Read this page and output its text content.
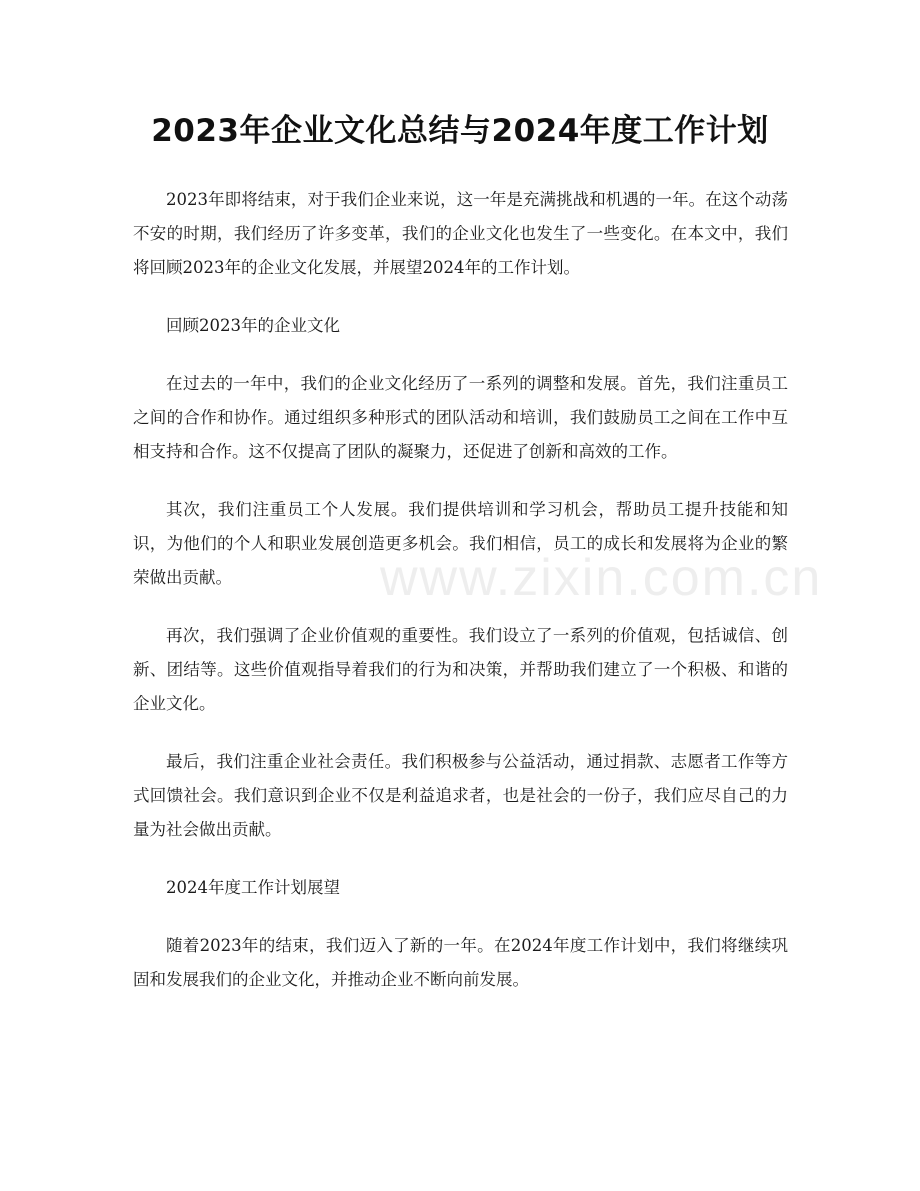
2023年企业文化总结与2024年度工作计划

2023年即将结束，对于我们企业来说，这一年是充满挑战和机遇的一年。在这个动荡不安的时期，我们经历了许多变革，我们的企业文化也发生了一些变化。在本文中，我们将回顾2023年的企业文化发展，并展望2024年的工作计划。

回顾2023年的企业文化

在过去的一年中，我们的企业文化经历了一系列的调整和发展。首先，我们注重员工之间的合作和协作。通过组织多种形式的团队活动和培训，我们鼓励员工之间在工作中互相支持和合作。这不仅提高了团队的凝聚力，还促进了创新和高效的工作。

其次，我们注重员工个人发展。我们提供培训和学习机会，帮助员工提升技能和知识，为他们的个人和职业发展创造更多机会。我们相信，员工的成长和发展将为企业的繁荣做出贡献。

再次，我们强调了企业价值观的重要性。我们设立了一系列的价值观，包括诚信、创新、团结等。这些价值观指导着我们的行为和决策，并帮助我们建立了一个积极、和谐的企业文化。

最后，我们注重企业社会责任。我们积极参与公益活动，通过捐款、志愿者工作等方式回馈社会。我们意识到企业不仅是利益追求者，也是社会的一份子，我们应尽自己的力量为社会做出贡献。

2024年度工作计划展望

随着2023年的结束，我们迈入了新的一年。在2024年度工作计划中，我们将继续巩固和发展我们的企业文化，并推动企业不断向前发展。

www.zixin.com.cn
